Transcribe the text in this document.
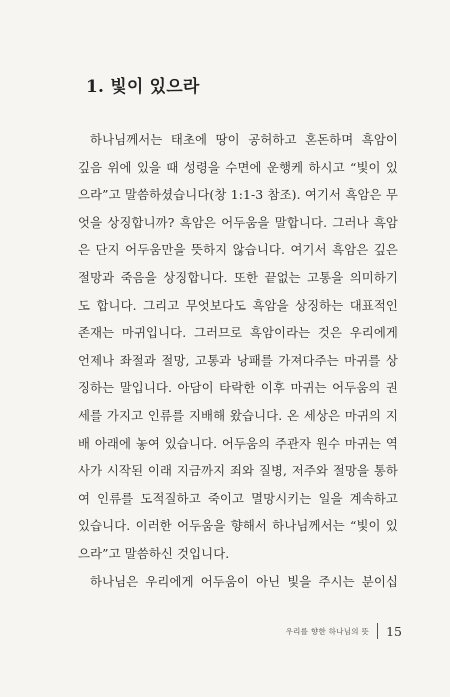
1. 빛이 있으라
하나님께서는 태초에 땅이 공허하고 혼돈하며 흑암이
깊음 위에 있을 때 성령을 수면에 운행케 하시고 “빛이 있
으라”고 말씀하셨습니다(창 1:1-3 참조). 여기서 흑암은 무
엇을 상징합니까? 흑암은 어두움을 말합니다. 그러나 흑암
은 단지 어두움만을 뜻하지 않습니다. 여기서 흑암은 깊은
절망과 죽음을 상징합니다. 또한 끝없는 고통을 의미하기
도 합니다. 그리고 무엇보다도 흑암을 상징하는 대표적인
존재는 마귀입니다. 그러므로 흑암이라는 것은 우리에게
언제나 좌절과 절망, 고통과 낭패를 가져다주는 마귀를 상
징하는 말입니다. 아담이 타락한 이후 마귀는 어두움의 권
세를 가지고 인류를 지배해 왔습니다. 온 세상은 마귀의 지
배 아래에 놓여 있습니다. 어두움의 주관자 원수 마귀는 역
사가 시작된 이래 지금까지 죄와 질병, 저주와 절망을 통하
여 인류를 도적질하고 죽이고 멸망시키는 일을 계속하고
있습니다. 이러한 어두움을 향해서 하나님께서는 “빛이 있
으라”고 말씀하신 것입니다.
하나님은 우리에게 어두움이 아닌 빛을 주시는 분이십
우리를 향한 하나님의 뜻 15
